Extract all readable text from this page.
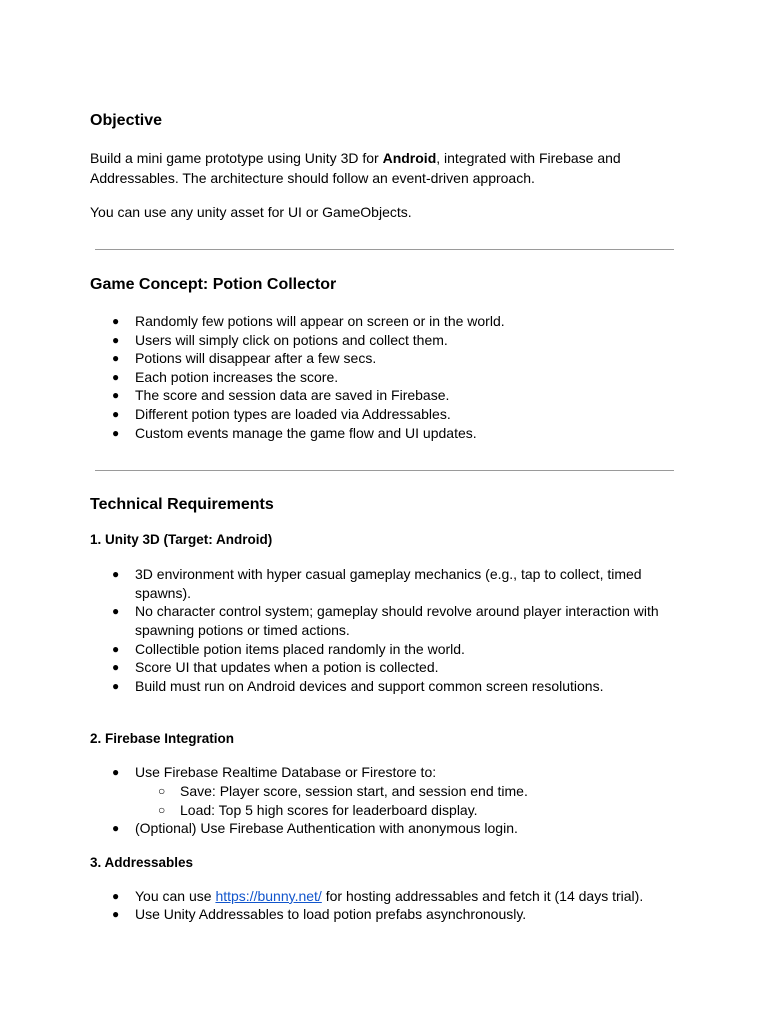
Objective

Build a mini game prototype using Unity 3D for Android, integrated with Firebase and Addressables. The architecture should follow an event-driven approach.

You can use any unity asset for UI or GameObjects.

Game Concept: Potion Collector
● Randomly few potions will appear on screen or in the world.
● Users will simply click on potions and collect them.
● Potions will disappear after a few secs.
● Each potion increases the score.
● The score and session data are saved in Firebase.
● Different potion types are loaded via Addressables.
● Custom events manage the game flow and UI updates.
Technical Requirements
1. Unity 3D (Target: Android)
● 3D environment with hyper casual gameplay mechanics (e.g., tap to collect, timed spawns).
● No character control system; gameplay should revolve around player interaction with spawning potions or timed actions.
● Collectible potion items placed randomly in the world.
● Score UI that updates when a potion is collected.
● Build must run on Android devices and support common screen resolutions.
2. Firebase Integration
● Use Firebase Realtime Database or Firestore to:
○ Save: Player score, session start, and session end time.
○ Load: Top 5 high scores for leaderboard display.
● (Optional) Use Firebase Authentication with anonymous login.
3. Addressables
● You can use https://bunny.net/ for hosting addressables and fetch it (14 days trial).
● Use Unity Addressables to load potion prefabs asynchronously.
